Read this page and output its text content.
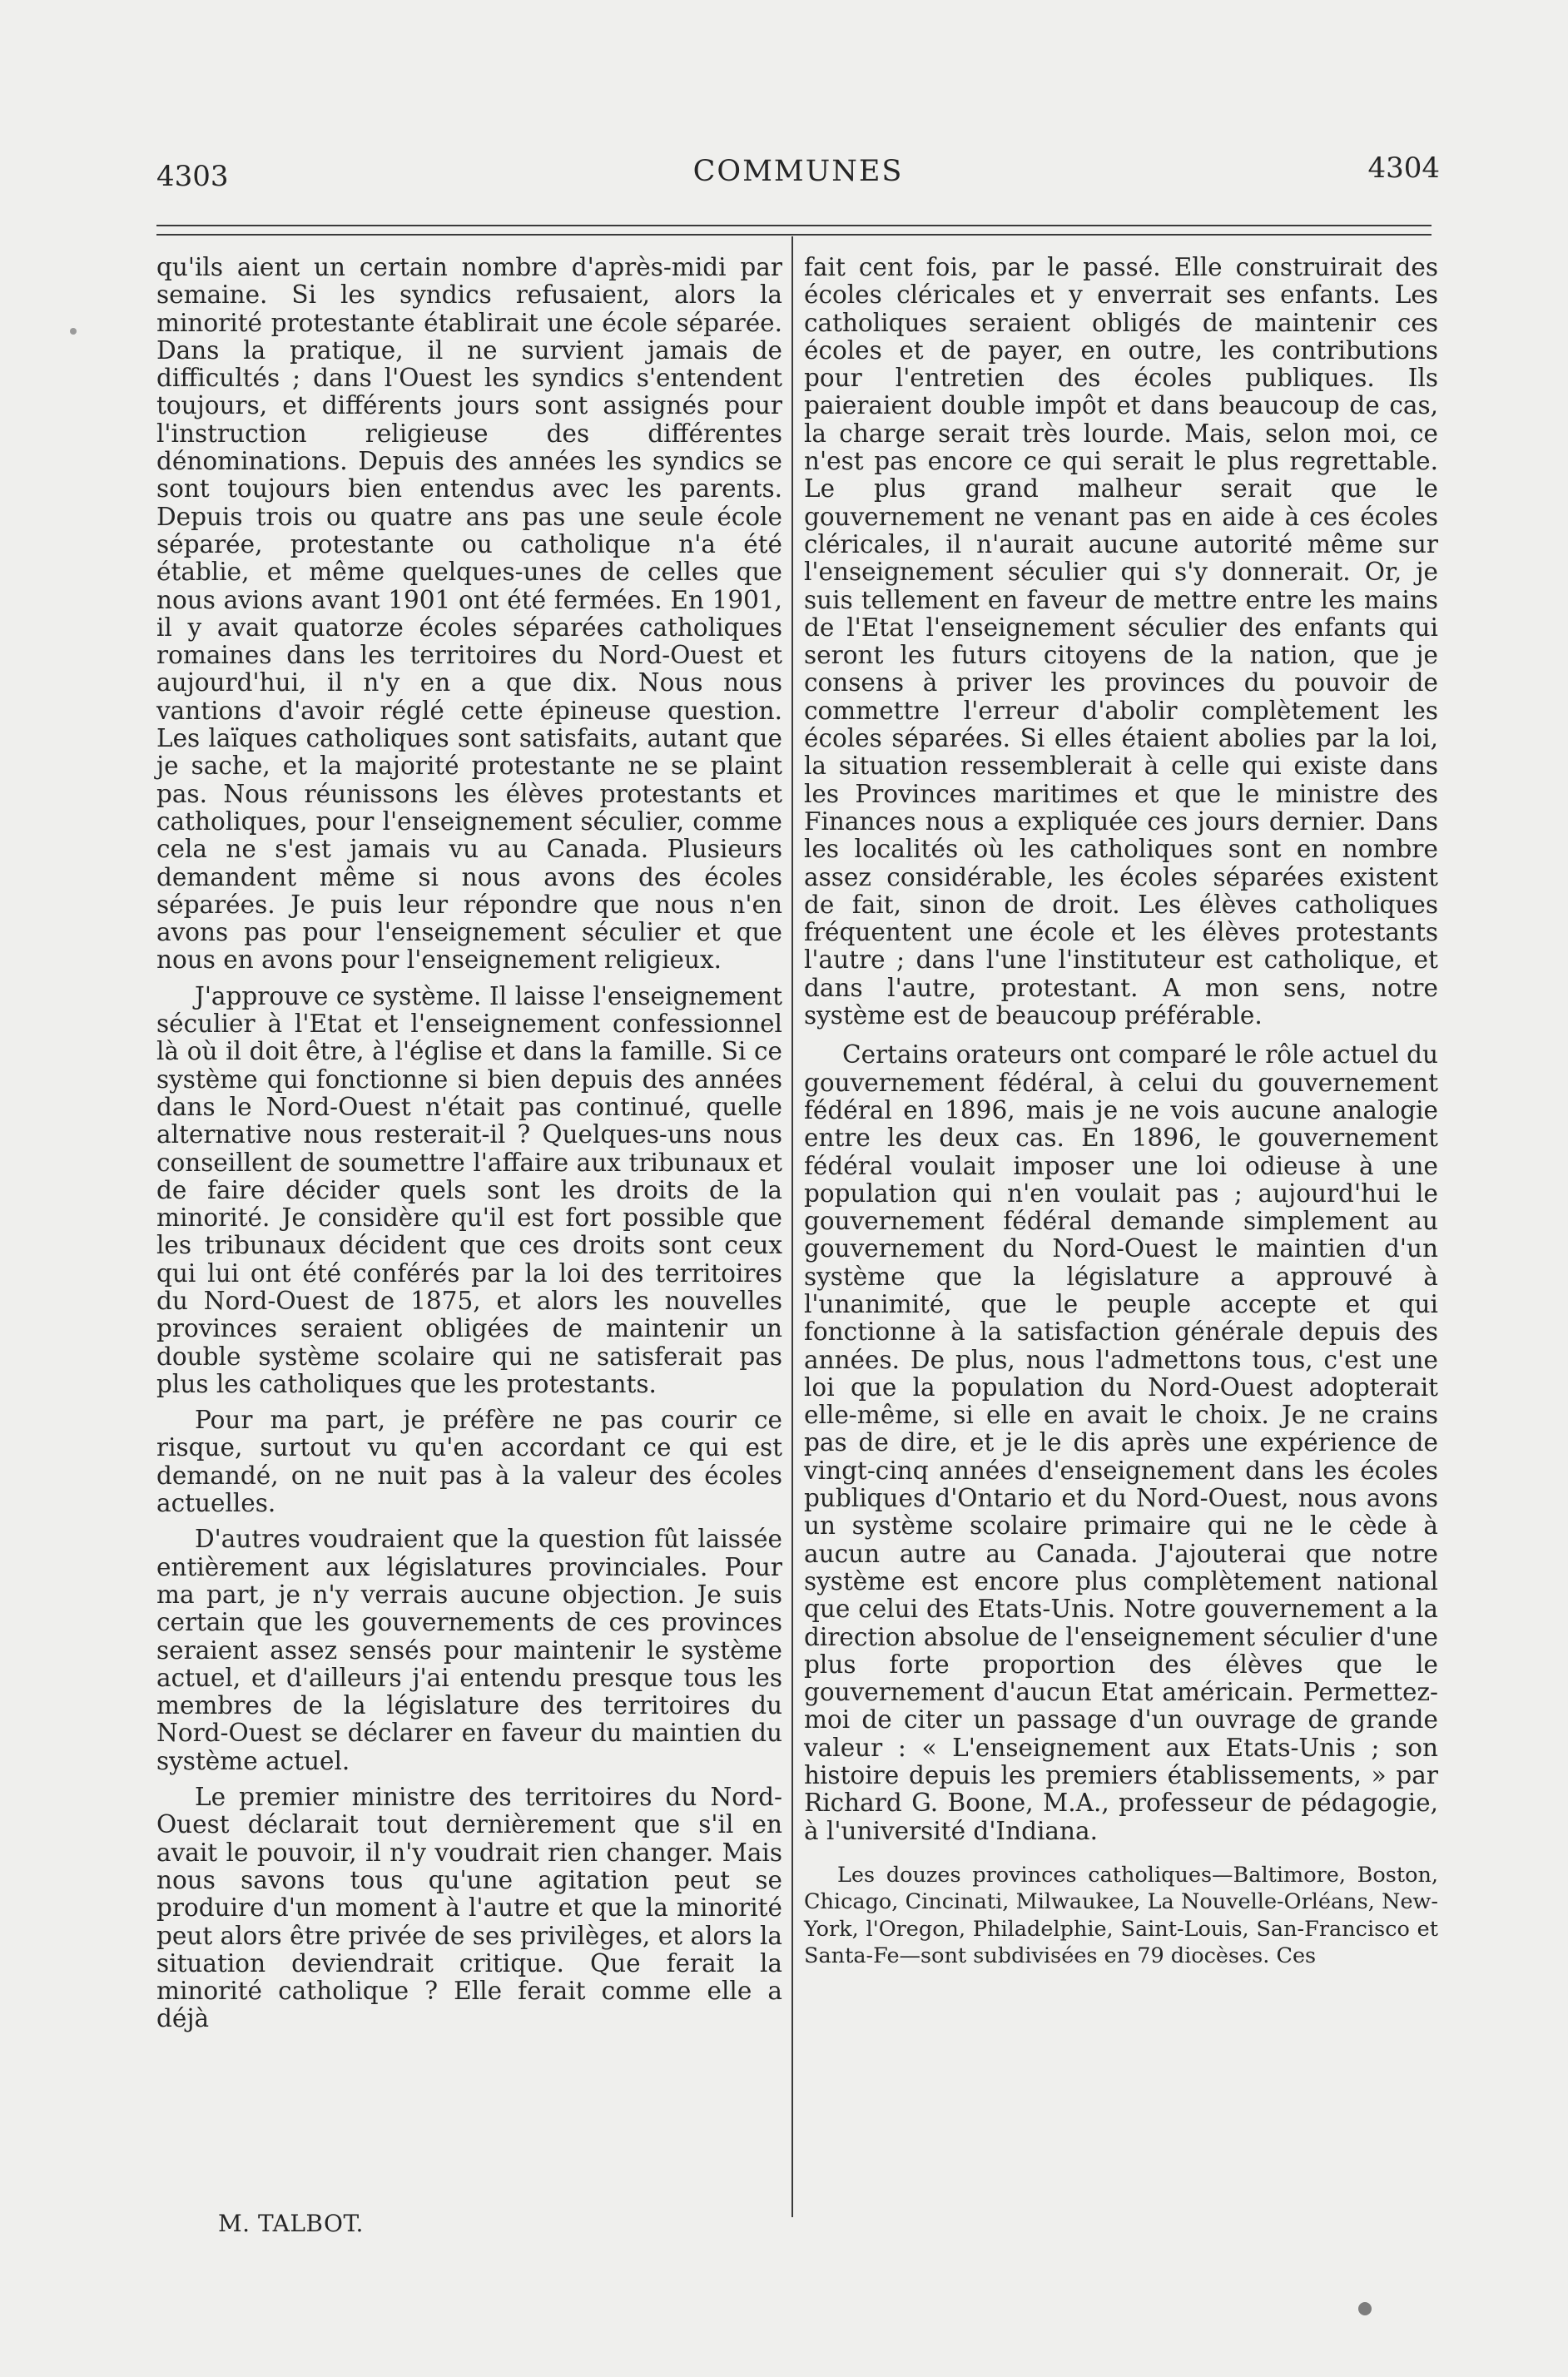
4303	COMMUNES	4304

qu'ils aient un certain nombre d'après-midi par semaine. Si les syndics refusaient, alors la minorité protestante établirait une école séparée. Dans la pratique, il ne survient jamais de difficultés ; dans l'Ouest les syndics s'entendent toujours, et différents jours sont assignés pour l'instruction religieuse des différentes dénominations. Depuis des années les syndics se sont toujours bien entendus avec les parents. Depuis trois ou quatre ans pas une seule école séparée, protestante ou catholique n'a été établie, et même quelques-unes de celles que nous avions avant 1901 ont été fermées. En 1901, il y avait quatorze écoles séparées catholiques romaines dans les territoires du Nord-Ouest et aujourd'hui, il n'y en a que dix. Nous nous vantions d'avoir réglé cette épineuse question. Les laïques catholiques sont satisfaits, autant que je sache, et la majorité protestante ne se plaint pas. Nous réunissons les élèves protestants et catholiques, pour l'enseignement séculier, comme cela ne s'est jamais vu au Canada. Plusieurs demandent même si nous avons des écoles séparées. Je puis leur répondre que nous n'en avons pas pour l'enseignement séculier et que nous en avons pour l'enseignement religieux.

J'approuve ce système. Il laisse l'enseignement séculier à l'Etat et l'enseignement confessionnel là où il doit être, à l'église et dans la famille. Si ce système qui fonctionne si bien depuis des années dans le Nord-Ouest n'était pas continué, quelle alternative nous resterait-il ? Quelques-uns nous conseillent de soumettre l'affaire aux tribunaux et de faire décider quels sont les droits de la minorité. Je considère qu'il est fort possible que les tribunaux décident que ces droits sont ceux qui lui ont été conférés par la loi des territoires du Nord-Ouest de 1875, et alors les nouvelles provinces seraient obligées de maintenir un double système scolaire qui ne satisferait pas plus les catholiques que les protestants.

Pour ma part, je préfère ne pas courir ce risque, surtout vu qu'en accordant ce qui est demandé, on ne nuit pas à la valeur des écoles actuelles.

D'autres voudraient que la question fût laissée entièrement aux législatures provinciales. Pour ma part, je n'y verrais aucune objection. Je suis certain que les gouvernements de ces provinces seraient assez sensés pour maintenir le système actuel, et d'ailleurs j'ai entendu presque tous les membres de la législature des territoires du Nord-Ouest se déclarer en faveur du maintien du système actuel.

Le premier ministre des territoires du Nord-Ouest déclarait tout dernièrement que s'il en avait le pouvoir, il n'y voudrait rien changer. Mais nous savons tous qu'une agitation peut se produire d'un moment à l'autre et que la minorité peut alors être privée de ses privilèges, et alors la situation deviendrait critique. Que ferait la minorité catholique ? Elle ferait comme elle a déjà

M. TALBOT.

fait cent fois, par le passé. Elle construirait des écoles cléricales et y enverrait ses enfants. Les catholiques seraient obligés de maintenir ces écoles et de payer, en outre, les contributions pour l'entretien des écoles publiques. Ils paieraient double impôt et dans beaucoup de cas, la charge serait très lourde. Mais, selon moi, ce n'est pas encore ce qui serait le plus regrettable. Le plus grand malheur serait que le gouvernement ne venant pas en aide à ces écoles cléricales, il n'aurait aucune autorité même sur l'enseignement séculier qui s'y donnerait. Or, je suis tellement en faveur de mettre entre les mains de l'Etat l'enseignement séculier des enfants qui seront les futurs citoyens de la nation, que je consens à priver les provinces du pouvoir de commettre l'erreur d'abolir complètement les écoles séparées. Si elles étaient abolies par la loi, la situation ressemblerait à celle qui existe dans les Provinces maritimes et que le ministre des Finances nous a expliquée ces jours dernier. Dans les localités où les catholiques sont en nombre assez considérable, les écoles séparées existent de fait, sinon de droit. Les élèves catholiques fréquentent une école et les élèves protestants l'autre ; dans l'une l'instituteur est catholique, et dans l'autre, protestant. A mon sens, notre système est de beaucoup préférable.

Certains orateurs ont comparé le rôle actuel du gouvernement fédéral, à celui du gouvernement fédéral en 1896, mais je ne vois aucune analogie entre les deux cas. En 1896, le gouvernement fédéral voulait imposer une loi odieuse à une population qui n'en voulait pas ; aujourd'hui le gouvernement fédéral demande simplement au gouvernement du Nord-Ouest le maintien d'un système que la législature a approuvé à l'unanimité, que le peuple accepte et qui fonctionne à la satisfaction générale depuis des années. De plus, nous l'admettons tous, c'est une loi que la population du Nord-Ouest adopterait elle-même, si elle en avait le choix. Je ne crains pas de dire, et je le dis après une expérience de vingt-cinq années d'enseignement dans les écoles publiques d'Ontario et du Nord-Ouest, nous avons un système scolaire primaire qui ne le cède à aucun autre au Canada. J'ajouterai que notre système est encore plus complètement national que celui des Etats-Unis. Notre gouvernement a la direction absolue de l'enseignement séculier d'une plus forte proportion des élèves que le gouvernement d'aucun Etat américain. Permettez-moi de citer un passage d'un ouvrage de grande valeur : « L'enseignement aux Etats-Unis ; son histoire depuis les premiers établissements, » par Richard G. Boone, M.A., professeur de pédagogie, à l'université d'Indiana.

Les douzes provinces catholiques—Baltimore, Boston, Chicago, Cincinati, Milwaukee, La Nouvelle-Orléans, New-York, l'Oregon, Philadelphie, Saint-Louis, San-Francisco et Santa-Fe—sont subdivisées en 79 diocèses. Ces
